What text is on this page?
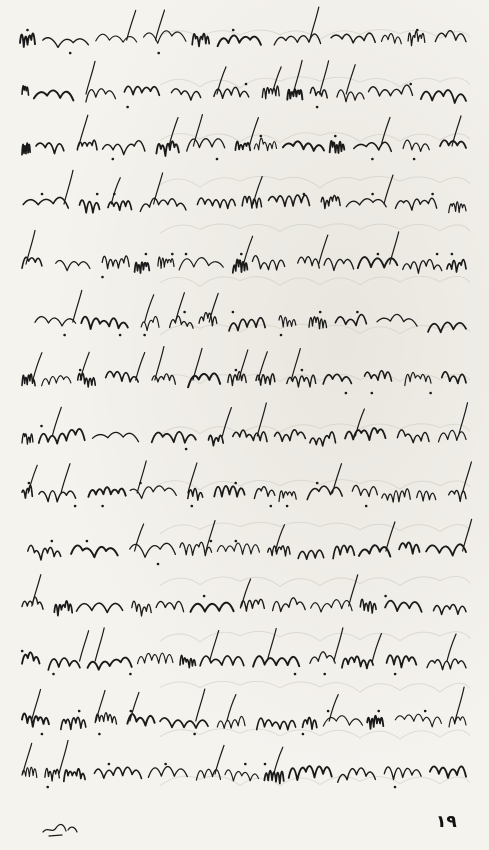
١٩
